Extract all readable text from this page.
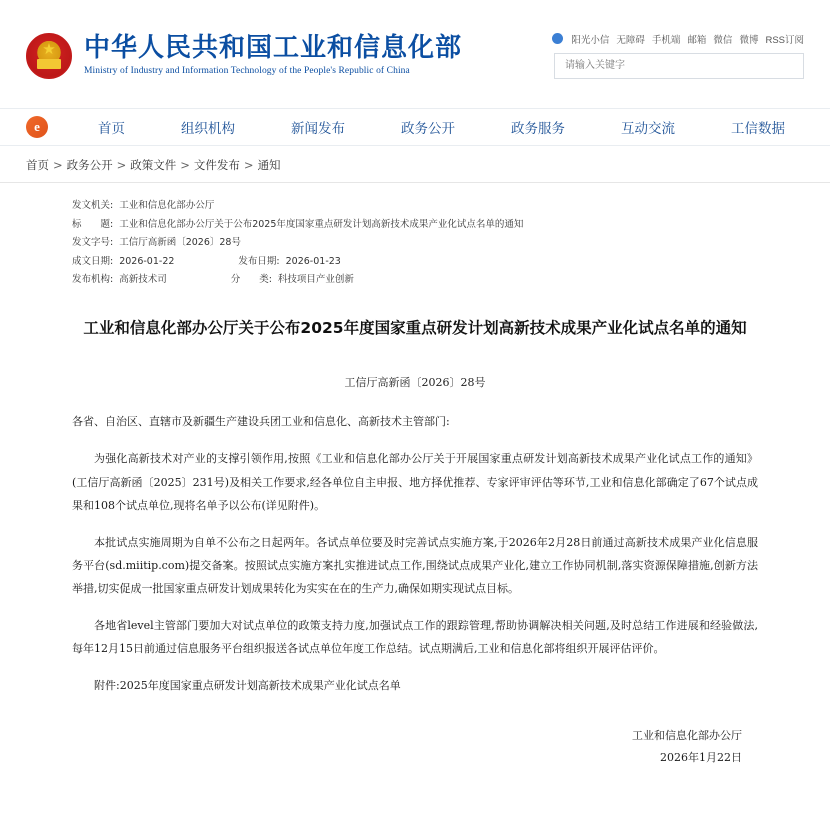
★
中华人民共和国工业和信息化部
Ministry of Industry and Information Technology of the People's Republic of China
阳光小信 无障碍 手机端 邮箱 微信 微博 RSS订阅
请输入关键字
e	首页	组织机构	新闻发布	政务公开	政务服务	互动交流	工信数据
首页 > 政务公开 > 政策文件 > 文件发布 > 通知
发文机关: 工业和信息化部办公厅
标　　题: 工业和信息化部办公厅关于公布2025年度国家重点研发计划高新技术成果产业化试点名单的通知
发文字号: 工信厅高新函〔2026〕28号
成文日期: 2026-01-22	发布日期: 2026-01-23
发布机构: 高新技术司	分　　类: 科技项目产业创新
工业和信息化部办公厅关于公布2025年度国家重点研发计划高新技术成果产业化试点名单的通知
工信厅高新函〔2026〕28号

各省、自治区、直辖市及新疆生产建设兵团工业和信息化、高新技术主管部门:

为强化高新技术对产业的支撑引领作用,按照《工业和信息化部办公厅关于开展国家重点研发计划高新技术成果产业化试点工作的通知》(工信厅高新函〔2025〕231号)及相关工作要求,经各单位自主申报、地方择优推荐、专家评审评估等环节,工业和信息化部确定了67个试点成果和108个试点单位,现将名单予以公布(详见附件)。

本批试点实施周期为自单不公布之日起两年。各试点单位要及时完善试点实施方案,于2026年2月28日前通过高新技术成果产业化信息服务平台(sd.miitip.com)提交备案。按照试点实施方案扎实推进试点工作,围绕试点成果产业化,建立工作协同机制,落实资源保障措施,创新方法举措,切实促成一批国家重点研发计划成果转化为实实在在的生产力,确保如期实现试点目标。

各地省level主管部门要加大对试点单位的政策支持力度,加强试点工作的跟踪管理,帮助协调解决相关问题,及时总结工作进展和经验做法,每年12月15日前通过信息服务平台组织报送各试点单位年度工作总结。试点期满后,工业和信息化部将组织开展评估评价。

附件:2025年度国家重点研发计划高新技术成果产业化试点名单

工业和信息化部办公厅
2026年1月22日
